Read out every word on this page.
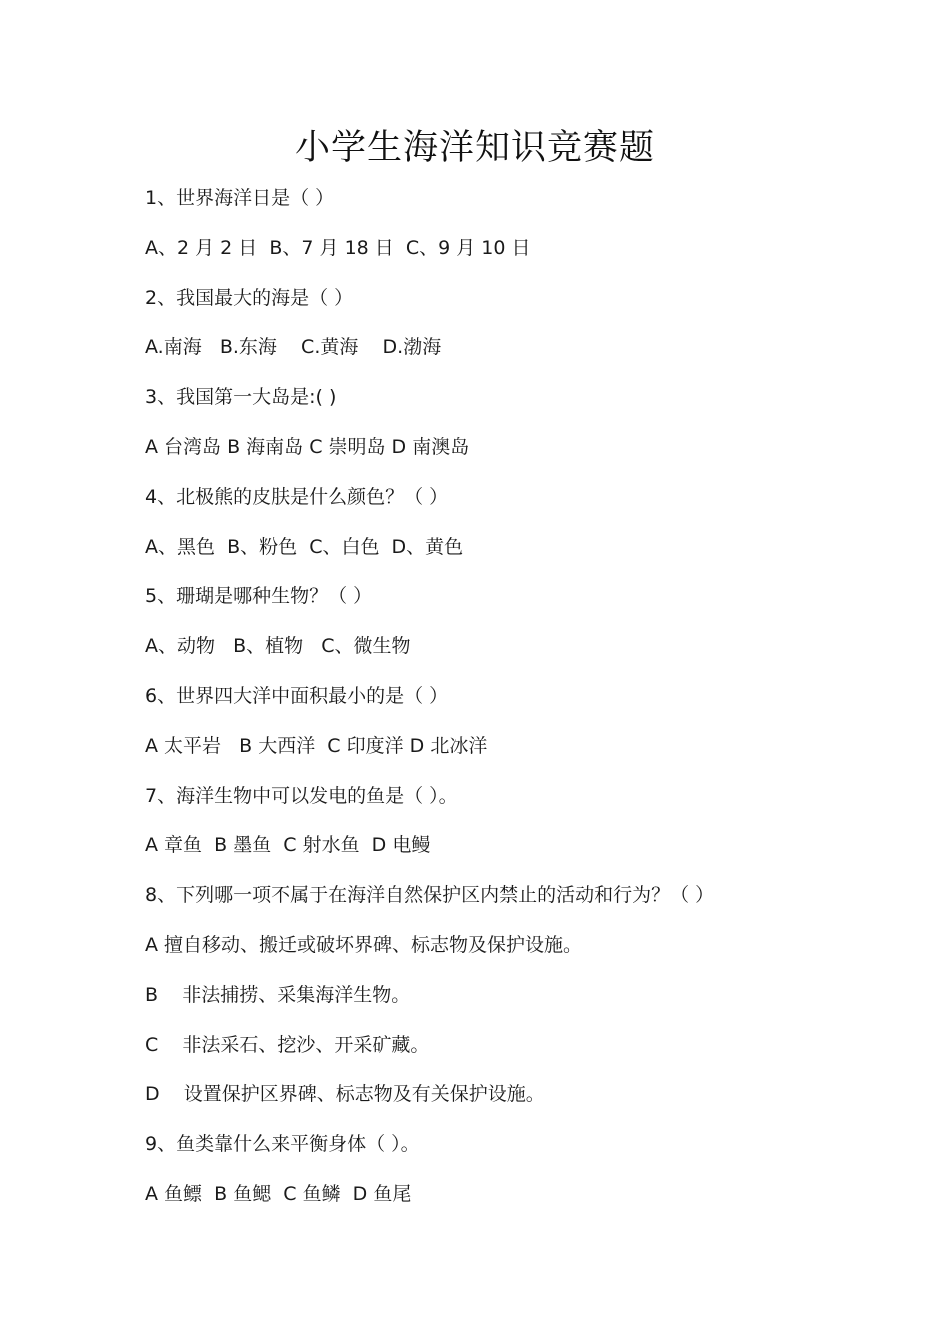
小学生海洋知识竞赛题

1、世界海洋日是（ ）

A、2 月 2 日  B、7 月 18 日  C、9 月 10 日

2、我国最大的海是（ ）

A.南海   B.东海    C.黄海    D.渤海

3、我国第一大岛是:( )

A 台湾岛 B 海南岛 C 崇明岛 D 南澳岛

4、北极熊的皮肤是什么颜色？（ ）

A、黑色  B、粉色  C、白色  D、黄色

5、珊瑚是哪种生物？（ ）

A、动物   B、植物   C、微生物

6、世界四大洋中面积最小的是（ ）

A 太平岩   B 大西洋  C 印度洋 D 北冰洋

7、海洋生物中可以发电的鱼是（ ）。

A 章鱼  B 墨鱼  C 射水鱼  D 电鳗

8、下列哪一项不属于在海洋自然保护区内禁止的活动和行为？（ ）

A 擅自移动、搬迁或破坏界碑、标志物及保护设施。

B    非法捕捞、采集海洋生物。

C    非法采石、挖沙、开采矿藏。

D    设置保护区界碑、标志物及有关保护设施。

9、鱼类靠什么来平衡身体（ ）。

A 鱼鳔  B 鱼鳃  C 鱼鳞  D 鱼尾
